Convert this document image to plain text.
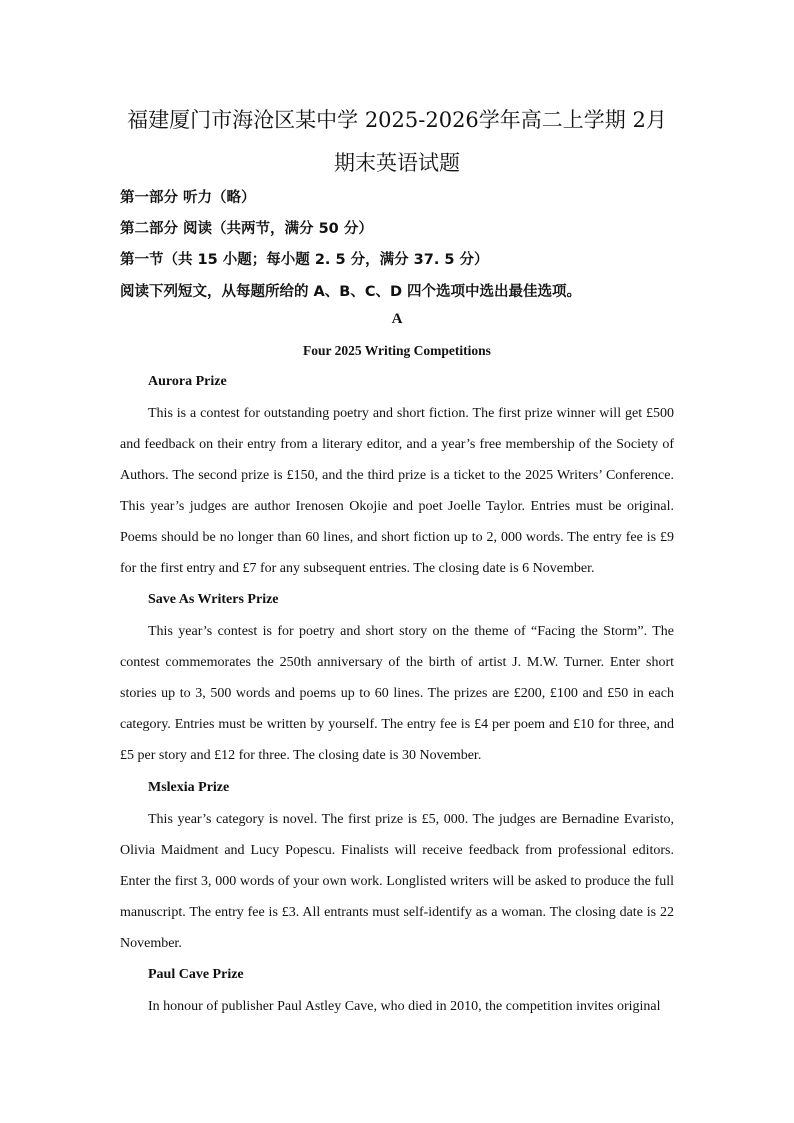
福建厦门市海沧区某中学 2025-2026学年高二上学期 2月
期末英语试题
第一部分 听力（略）
第二部分 阅读（共两节，满分 50 分）
第一节（共 15 小题；每小题 2. 5 分，满分 37. 5 分）
阅读下列短文，从每题所给的 A、B、C、D 四个选项中选出最佳选项。
A
Four 2025 Writing Competitions
Aurora Prize

This is a contest for outstanding poetry and short fiction. The first prize winner will get £500 and feedback on their entry from a literary editor, and a year’s free membership of the Society of Authors. The second prize is £150, and the third prize is a ticket to the 2025 Writers’ Conference. This year’s judges are author Irenosen Okojie and poet Joelle Taylor. Entries must be original. Poems should be no longer than 60 lines, and short fiction up to 2, 000 words. The entry fee is £9 for the first entry and £7 for any subsequent entries. The closing date is 6 November.

Save As Writers Prize

This year’s contest is for poetry and short story on the theme of “Facing the Storm”. The contest commemorates the 250th anniversary of the birth of artist J. M.W. Turner. Enter short stories up to 3, 500 words and poems up to 60 lines. The prizes are £200, £100 and £50 in each category. Entries must be written by yourself. The entry fee is £4 per poem and £10 for three, and £5 per story and £12 for three. The closing date is 30 November.

Mslexia Prize

This year’s category is novel. The first prize is £5, 000. The judges are Bernadine Evaristo, Olivia Maidment and Lucy Popescu. Finalists will receive feedback from professional editors. Enter the first 3, 000 words of your own work. Longlisted writers will be asked to produce the full manuscript. The entry fee is £3. All entrants must self-identify as a woman. The closing date is 22 November.

Paul Cave Prize

In honour of publisher Paul Astley Cave, who died in 2010, the competition invites original
